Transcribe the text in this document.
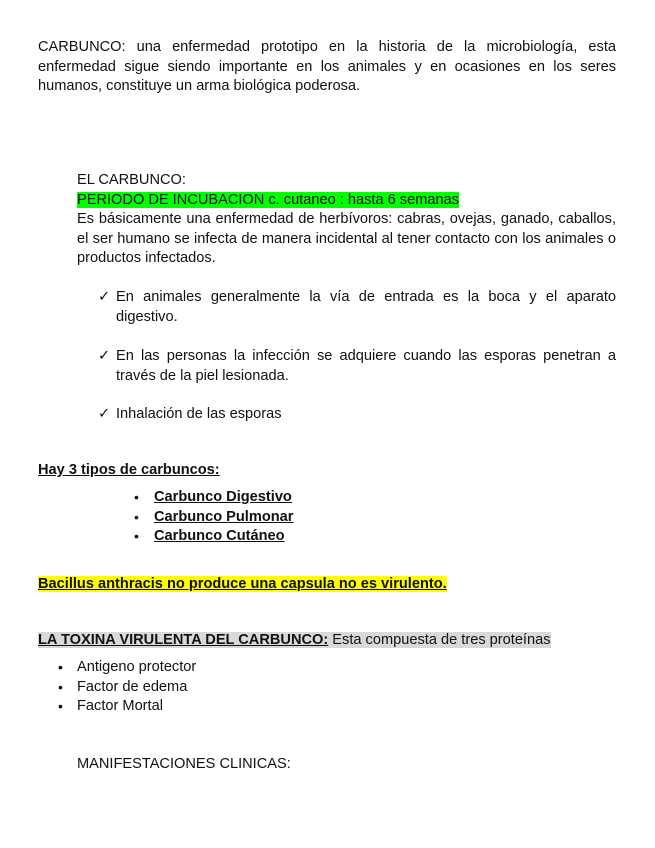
CARBUNCO: una enfermedad prototipo en la historia de la microbiología, esta enfermedad sigue siendo importante en los animales y en ocasiones en los seres humanos, constituye un arma biológica poderosa.

EL CARBUNCO:

PERIODO DE INCUBACION c. cutaneo : hasta 6 semanas

Es básicamente una enfermedad de herbívoros: cabras, ovejas, ganado, caballos, el ser humano se infecta de manera incidental al tener contacto con los animales o productos infectados.

✓ En animales generalmente la vía de entrada es la boca y el aparato digestivo.
✓ En las personas la infección se adquiere cuando las esporas penetran a través de la piel lesionada.
✓ Inhalación de las esporas

Hay 3 tipos de carbuncos:

• Carbunco Digestivo
• Carbunco Pulmonar
• Carbunco Cutáneo

Bacillus anthracis no produce una capsula no es virulento.

LA TOXINA VIRULENTA DEL CARBUNCO: Esta compuesta de tres proteínas

• Antigeno protector
• Factor de edema
• Factor Mortal

MANIFESTACIONES CLINICAS:
